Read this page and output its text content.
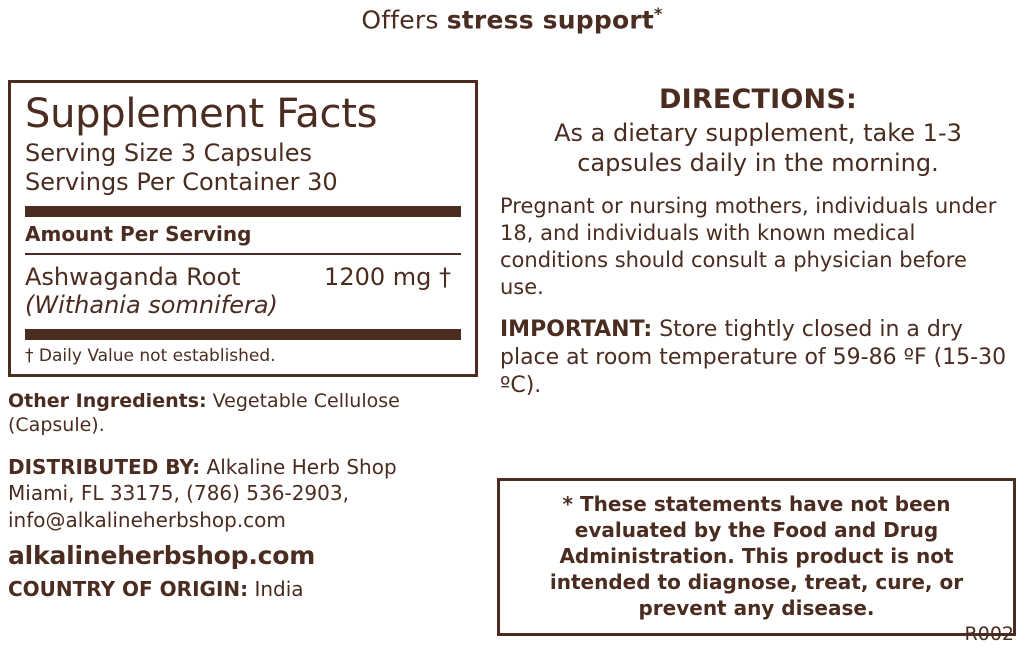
Offers stress support*
Supplement Facts
Serving Size 3 Capsules
Servings Per Container 30
Amount Per Serving
Ashwaganda Root	1200 mg †
(Withania somnifera)
† Daily Value not established.
Other Ingredients: Vegetable Cellulose (Capsule).
DISTRIBUTED BY: Alkaline Herb Shop
Miami, FL 33175, (786) 536-2903,
info@alkalineherbshop.com
alkalineherbshop.com
COUNTRY OF ORIGIN: India
DIRECTIONS:
As a dietary supplement, take 1-3 capsules daily in the morning.
Pregnant or nursing mothers, individuals under 18, and individuals with known medical conditions should consult a physician before use.
IMPORTANT: Store tightly closed in a dry place at room temperature of 59-86 ºF (15-30 ºC).
* These statements have not been evaluated by the Food and Drug Administration. This product is not intended to diagnose, treat, cure, or prevent any disease.
R002
